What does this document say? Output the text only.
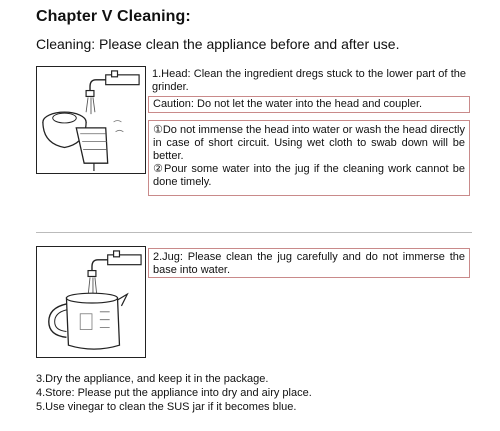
Chapter V Cleaning:
Cleaning: Please clean the appliance before and after use.
1.Head: Clean the ingredient dregs stuck to the lower part of the grinder.
Caution: Do not let the water into the head and coupler.
①Do not immense the head into water or wash the head directly in case of short circuit. Using wet cloth to swab down will be better.
②Pour some water into the jug if the cleaning work cannot be done timely.
2.Jug: Please clean the jug carefully and do not immerse the base into water.
3.Dry the appliance, and keep it in the package.
4.Store: Please put the appliance into dry and airy place.
5.Use vinegar to clean the SUS jar if it becomes blue.
